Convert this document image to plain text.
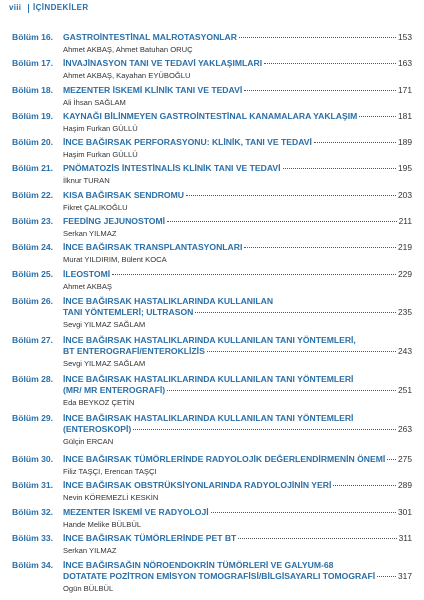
viii İÇİNDEKİLER
Bölüm 16. GASTROİNTESTİNAL MALROTASYONLAR	153
Ahmet AKBAŞ, Ahmet Batuhan ORUÇ
Bölüm 17. İNVAJİNASYON TANI VE TEDAVİ YAKLAŞIMLARI	163
Ahmet AKBAŞ, Kayahan EYÜBOĞLU
Bölüm 18. MEZENTER İSKEMİ KLİNİK TANI VE TEDAVİ	171
Ali İhsan SAĞLAM
Bölüm 19. KAYNAĞI BİLİNMEYEN GASTROİNTESTİNAL KANAMALARA YAKLAŞIM	181
Haşim Furkan GÜLLÜ
Bölüm 20. İNCE BAĞIRSAK PERFORASYONU: KLİNİK, TANI VE TEDAVİ	189
Haşim Furkan GÜLLÜ
Bölüm 21. PNÖMATOZİS İNTESTİNALİS KLİNİK TANI VE TEDAVİ	195
İlknur TURAN
Bölüm 22. KISA BAĞIRSAK SENDROMU	203
Fikret ÇALIKOĞLU
Bölüm 23. FEEDİNG JEJUNOSTOMİ	211
Serkan YILMAZ
Bölüm 24. İNCE BAĞIRSAK TRANSPLANTASYONLARI	219
Murat YILDIRIM, Bülent KOCA
Bölüm 25. İLEOSTOMİ	229
Ahmet AKBAŞ
Bölüm 26. İNCE BAĞIRSAK HASTALIKLARINDA KULLANILAN
TANI YÖNTEMLERİ; ULTRASON	235
Sevgi YILMAZ SAĞLAM
Bölüm 27. İNCE BAĞIRSAK HASTALIKLARINDA KULLANILAN TANI YÖNTEMLERİ,
BT ENTEROGRAFİ/ENTEROKLİZİS	243
Sevgi YILMAZ SAĞLAM
Bölüm 28. İNCE BAĞIRSAK HASTALIKLARINDA KULLANILAN TANI YÖNTEMLERİ
(MR/ MR ENTEROGRAFİ)	251
Eda BEYKOZ ÇETİN
Bölüm 29. İNCE BAĞIRSAK HASTALIKLARINDA KULLANILAN TANI YÖNTEMLERİ
(ENTEROSKOPİ)	263
Gülçin ERCAN
Bölüm 30. İNCE BAĞIRSAK TÜMÖRLERİNDE RADYOLOJİK DEĞERLENDİRMENİN ÖNEMİ 275
Filiz TAŞÇI, Erencan TAŞÇI
Bölüm 31. İNCE BAĞIRSAK OBSTRÜKSİYONLARINDA RADYOLOJİNİN YERİ	289
Nevin KÖREMEZLİ KESKİN
Bölüm 32. MEZENTER İSKEMİ VE RADYOLOJİ	301
Hande Melike BÜLBÜL
Bölüm 33. İNCE BAĞIRSAK TÜMÖRLERİNDE PET BT	311
Serkan YILMAZ
Bölüm 34. İNCE BAĞIRSAĞIN NÖROENDOKRİN TÜMÖRLERİ VE GALYUM-68
DOTATATE POZİTRON EMİSYON TOMOGRAFİSİ/BİLGİSAYARLI TOMOGRAFİ	317
Ogün BÜLBÜL
